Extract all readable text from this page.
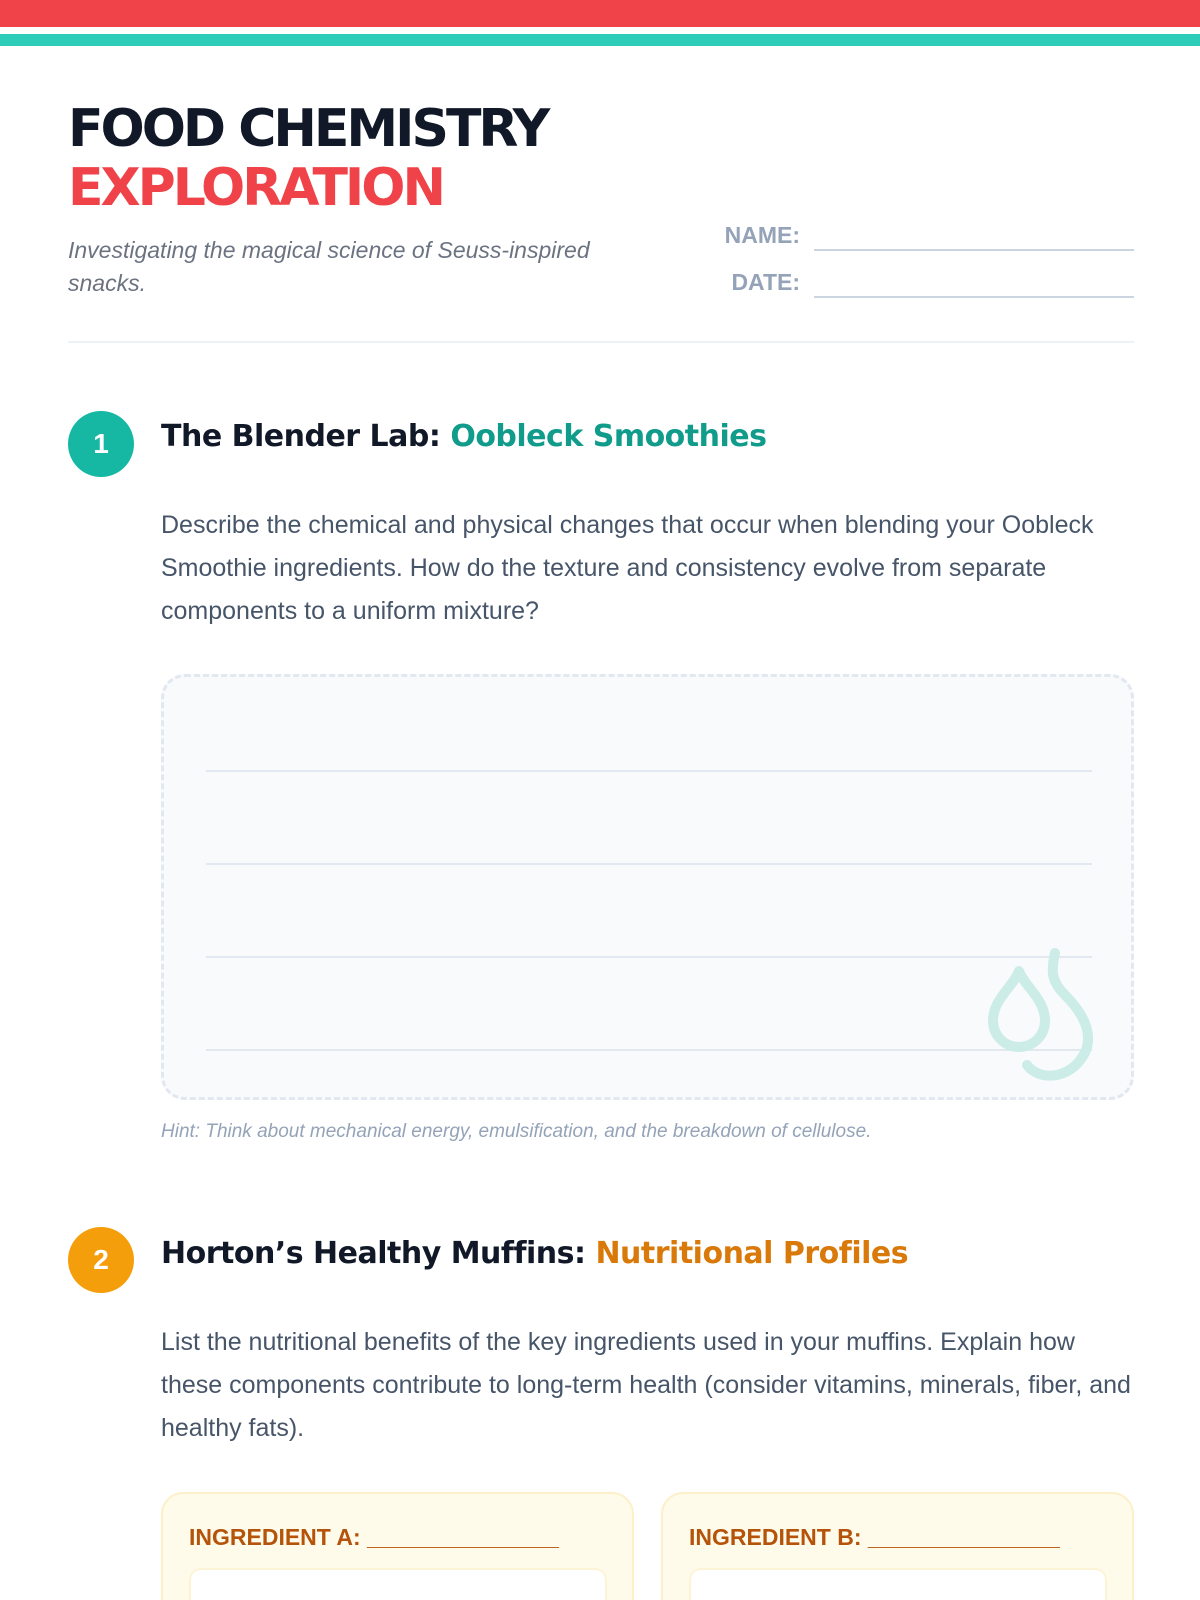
FOOD CHEMISTRY
EXPLORATION

Investigating the magical science of Seuss-inspired snacks.

NAME:
DATE:
1	The Blender Lab: Oobleck Smoothies

Describe the chemical and physical changes that occur when blending your Oobleck Smoothie ingredients. How do the texture and consistency evolve from separate components to a uniform mixture?

Hint: Think about mechanical energy, emulsification, and the breakdown of cellulose.

2	Horton’s Healthy Muffins: Nutritional Profiles

List the nutritional benefits of the key ingredients used in your muffins. Explain how these components contribute to long-term health (consider vitamins, minerals, fiber, and healthy fats).

INGREDIENT A: _______________	INGREDIENT B: _______________
